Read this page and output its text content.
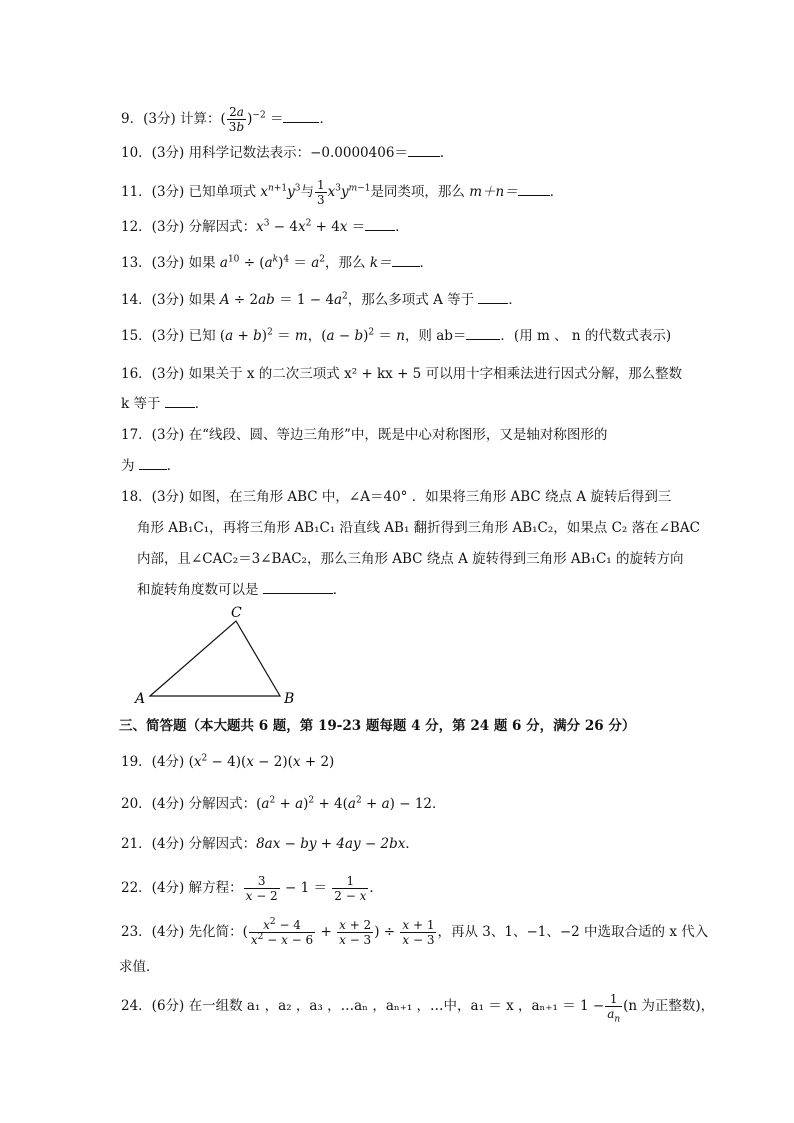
9．(3分) 计算：( $\frac{2a}{3b} )^{-2}$ ＝	．
10．(3分) 用科学记数法表示：−0.0000406＝ ．
11．(3分) 已知单项式 $x^{n+1}y^3$与 $\frac{1}{3} x^3y^{m-1}$是同类项，那么 m＋n＝ ．
12．(3分) 分解因式：$x^3 - 4x^2 + 4x$ ＝ ．
13．(3分) 如果 $a^{10} \div (a^k)^4 = a^2$，那么 k＝ ．
14．(3分) 如果 $A \div 2ab = 1 - 4a^2$，那么多项式 A 等于 ．
15．(3分) 已知 $(a + b)^2 = m$，$(a - b)^2 = n$，则 ab＝	．(用 m 、 n 的代数式表示)
16．(3分) 如果关于 x 的二次三项式 x² + kx + 5 可以用十字相乘法进行因式分解，那么整数
k 等于 ．
17．(3分) 在“线段、圆、等边三角形”中，既是中心对称图形，又是轴对称图形的
为 ．
18．(3分) 如图，在三角形 ABC 中，∠A＝40° ．如果将三角形 ABC 绕点 A 旋转后得到三
角形 AB₁C₁，再将三角形 AB₁C₁ 沿直线 AB₁ 翻折得到三角形 AB₁C₂，如果点 C₂ 落在∠BAC
内部，且∠CAC₂＝3∠BAC₂，那么三角形 ABC 绕点 A 旋转得到三角形 AB₁C₁ 的旋转方向
和旋转角度数可以是	．
A	B
C
三、简答题（本大题共 6 题，第 19-23 题每题 4 分，第 24 题 6 分，满分 26 分）
19．(4分) $(x^2 - 4)(x - 2)(x + 2)$
20．(4分) 分解因式：$(a^2 + a)^2 + 4(a^2 + a) - 12$．
21．(4分) 分解因式：8ax − by + 4ay − 2bx．
22．(4分) 解方程： $\frac{3}{x - 2} - 1 = \frac{1}{2 - x}$ ．
23．(4分) 先化简：( $\frac{x^2 - 4}{x^2 - x - 6} + \frac{x + 2}{x - 3}$ ) ÷ $\frac{x + 1}{x - 3}$ ，再从 3、1、−1、−2 中选取合适的 x 代入
求值．
24．(6分) 在一组数 a₁ ，a₂ ，a₃ ，…aₙ ，aₙ₊₁ ，…中，a₁ ＝ x ，$a_{n+1} = 1 - \frac{1}{a_n} (n$ 为正整数)，
